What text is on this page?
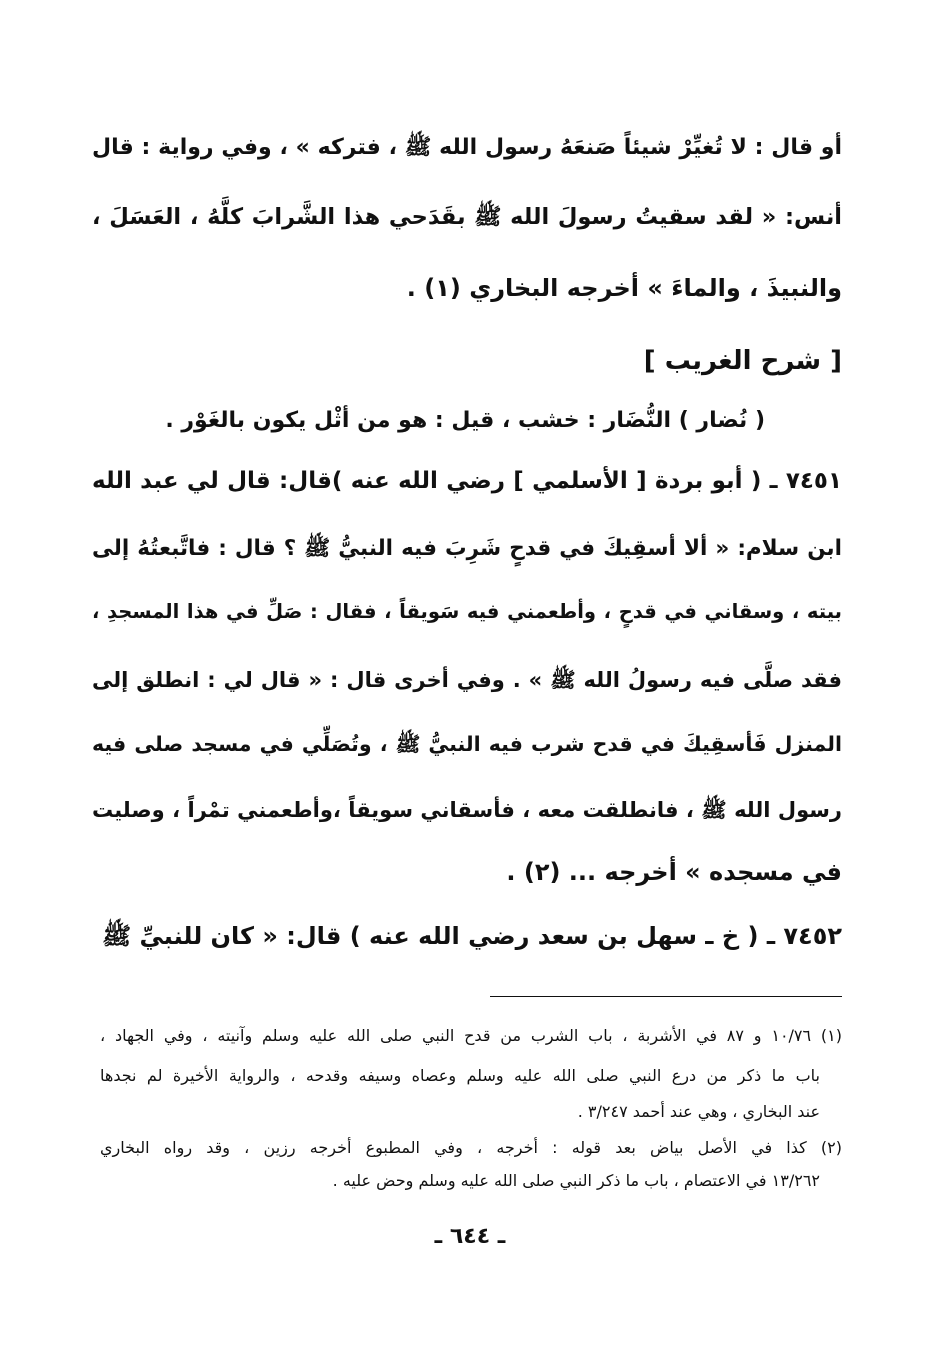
أو قال : لا تُغيِّرْ شيئاً صَنعَهُ رسول الله ﷺ ، فتركه » ، وفي رواية : قال
أنس: « لقد سقيتُ رسولَ الله ﷺ بقَدَحي هذا الشَّرابَ كلَّهُ ، العَسَلَ ،
والنبيذَ ، والماءَ » أخرجه البخاري (١) .
[ شرح الغريب ]
( نُضار ) النُّضَار : خشب ، قيل : هو من أثْل يكون بالغَوْر .
٧٤٥١ ـ ( أبو بردة [ الأسلمي ] رضي الله عنه )قال: قال لي عبد الله
ابن سلام: « ألا أسقِيكَ في قدحٍ شَرِبَ فيه النبيُّ ﷺ ؟ قال : فاتَّبعتُهُ إلى
بيته ، وسقاني في قدحٍ ، وأطعمني فيه سَويقاً ، فقال : صَلِّ في هذا المسجدِ ،
فقد صلَّى فيه رسولُ الله ﷺ » . وفي أخرى قال : « قال لي : انطلق إلى
المنزل فَأسقِيكَ في قدح شرب فيه النبيُّ ﷺ ، وتُصَلِّي في مسجد صلى فيه
رسول الله ﷺ ، فانطلقت معه ، فأسقاني سويقاً ،وأطعمني تمْراً ، وصليت
في مسجده » أخرجه ... (٢) .
٧٤٥٢ ـ ( خ ـ سهل بن سعد رضي الله عنه ) قال: « كان للنبيِّ ﷺ
(١) ١٠/٧٦ و ٨٧ في الأشربة ، باب الشرب من قدح النبي صلى الله عليه وسلم وآنيته ، وفي الجهاد ،
باب ما ذكر من درع النبي صلى الله عليه وسلم وعصاه وسيفه وقدحه ، والرواية الأخيرة لم نجدها
عند البخاري ، وهي عند أحمد ٣/٢٤٧ .
(٢) كذا في الأصل بياض بعد قوله : أخرجه ، وفي المطبوع أخرجه رزين ، وقد رواه البخاري
١٣/٢٦٢ في الاعتصام ، باب ما ذكر النبي صلى الله عليه وسلم وحض عليه .
ـ ٦٤٤ ـ
